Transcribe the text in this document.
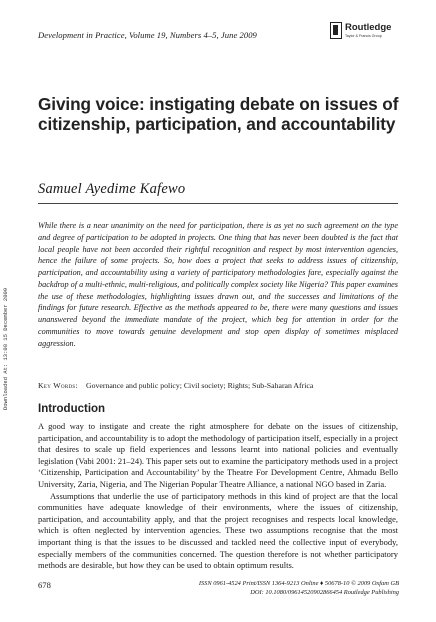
Development in Practice, Volume 19, Numbers 4–5, June 2009
Routledge
Taylor & Francis Group
Downloaded At: 13:08 15 December 2009
Giving voice: instigating debate on issues of citizenship, participation, and accountability
Samuel Ayedime Kafewo

While there is a near unanimity on the need for participation, there is as yet no such agreement on the type and degree of participation to be adopted in projects. One thing that has never been doubted is the fact that local people have not been accorded their rightful recognition and respect by most intervention agencies, hence the failure of some projects. So, how does a project that seeks to address issues of citizenship, participation, and accountability using a variety of participatory methodologies fare, especially against the backdrop of a multi-ethnic, multi-religious, and politically complex society like Nigeria? This paper examines the use of these methodologies, highlighting issues drawn out, and the successes and limitations of the findings for future research. Effective as the methods appeared to be, there were many questions and issues unanswered beyond the immediate mandate of the project, which beg for attention in order for the communities to move towards genuine development and stop open display of sometimes misplaced aggression.

Key Words: Governance and public policy; Civil society; Rights; Sub-Saharan Africa
Introduction

A good way to instigate and create the right atmosphere for debate on the issues of citizenship, participation, and accountability is to adopt the methodology of participation itself, especially in a project that desires to scale up field experiences and lessons learnt into national policies and eventually legislation (Vabi 2001: 21–24). This paper sets out to examine the participatory methods used in a project ‘Citizenship, Participation and Accountability’ by the Theatre For Development Centre, Ahmadu Bello University, Zaria, Nigeria, and The Nigerian Popular Theatre Alliance, a national NGO based in Zaria.

Assumptions that underlie the use of participatory methods in this kind of project are that the local communities have adequate knowledge of their environments, where the issues of citizenship, participation, and accountability apply, and that the project recognises and respects local knowledge, which is often neglected by intervention agencies. These two assumptions recognise that the most important thing is that the issues to be discussed and tackled need the collective input of everybody, especially members of the communities concerned. The question therefore is not whether participatory methods are desirable, but how they can be used to obtain optimum results.

678	ISSN 0961-4524 Print/ISSN 1364-9213 Online ♦ 50678-10 © 2009 Oxfam GB
DOI: 10.1080/09614520902866454 Routledge Publishing
